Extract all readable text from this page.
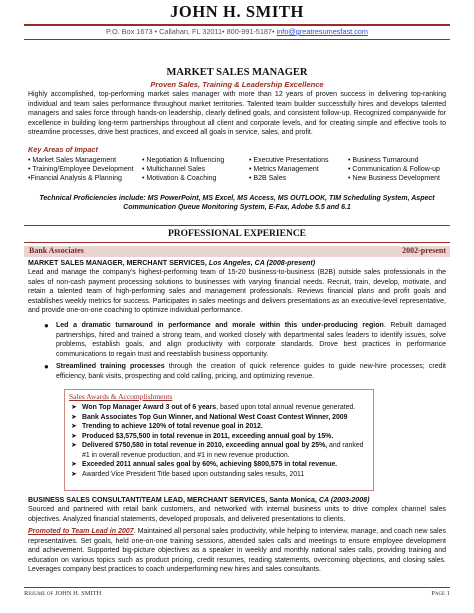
JOHN H. SMITH
P.O. Box 1673 • Callahan, FL 32011• 800-991-5187• info@greatresumesfast.com
MARKET SALES MANAGER
Proven Sales, Training & Leadership Excellence
Highly accomplished, top-performing market sales manager with more than 12 years of proven success in delivering top-ranking individual and team sales performance throughout market territories. Talented team builder successfully hires and develops talented managers and sales force through hands-on leadership, clearly defined goals, and consistent follow-up. Recognized companywide for excellence in building long-term partnerships throughout all client and corporate levels, and for creating simple and effective tools to streamline processes, drive best practices, and exceed all goals in service, sales, and profit.
Key Areas of Impact
• Market Sales Management	• Negotiation & Influencing	• Executive Presentations	• Business Turnaround
• Training/Employee Development	• Multichannel Sales	• Metrics Management	• Communication & Follow-up
•Financial Analysis & Planning	• Motivation & Coaching	• B2B Sales	• New Business Development
Technical Proficiencies include: MS PowerPoint, MS Excel, MS Access, MS OUTLOOK, TIM Scheduling System, Aspect
Communication Queue Monitoring System, E-Fax, Adobe 5.5 and 6.1
PROFESSIONAL EXPERIENCE
Bank Associates	2002-present
MARKET SALES MANAGER, MERCHANT SERVICES, Los Angeles, CA (2008-present)
Lead and manage the company’s highest-performing team of 15-20 business-to-business (B2B) outside sales professionals in the sales of non-cash payment processing solutions to businesses with varying financial needs. Recruit, train, develop, motivate, and retain a talented team of high-performing sales and management professionals. Reviews financial plans and profit goals and establishes weekly metrics for success. Participates in sales meetings and delivers presentations as an executive-level representative, and provide one-on-one coaching to optimize individual performance.
● Led a dramatic turnaround in performance and morale within this under-producing region. Rebuilt damaged partnerships, hired and trained a strong team, and worked closely with departmental sales leaders to identify issues, solve problems, establish goals, and align productivity with corporate standards. Drove best practices in performance communications to regain trust and reestablish business opportunity.
● Streamlined training processes through the creation of quick reference guides to guide new-hire processes; credit efficiency, bank visits, prospecting and cold calling, pricing, and optimizing revenue.
Sales Awards & Accomplishments
➤ Won Top Manager Award 3 out of 6 years, based upon total annual revenue generated.
➤ Bank Associates Top Gun Winner, and National West Coast Contest Winner, 2009
➤ Trending to achieve 120% of total revenue goal in 2012.
➤ Produced $3,575,500 in total revenue in 2011, exceeding annual goal by 15%.
➤ Delivered $750,580 in total revenue in 2010, exceeding annual goal by 25%, and ranked #1 in overall revenue production, and #1 in new revenue production.
➤ Exceeded 2011 annual sales goal by 60%, achieving $800,575 in total revenue.
➤ Awarded Vice President Title based upon outstanding sales results, 2011
BUSINESS SALES CONSULTANT/TEAM LEAD, MERCHANT SERVICES, Santa Monica, CA (2003-2008)
Sourced and partnered with retail bank customers, and networked with internal business units to drive complex channel sales objectives. Analyzed financial statements, developed proposals, and delivered presentations to clients.
Promoted to Team Lead in 2007. Maintained all personal sales productivity, while helping to interview, manage, and coach new sales representatives. Set goals, held one-on-one training sessions, attended sales calls and meetings to ensure employee development and achievement. Supported big-picture objectives as a speaker in weekly and monthly national sales calls, providing training and education on various topics such as product pricing, credit resumes, reading statements, overcoming objections, and closing sales. Leverages company best practices to coach underperforming new hires and sales consultants.
Resume of JOHN H. SMITH	Page 1
